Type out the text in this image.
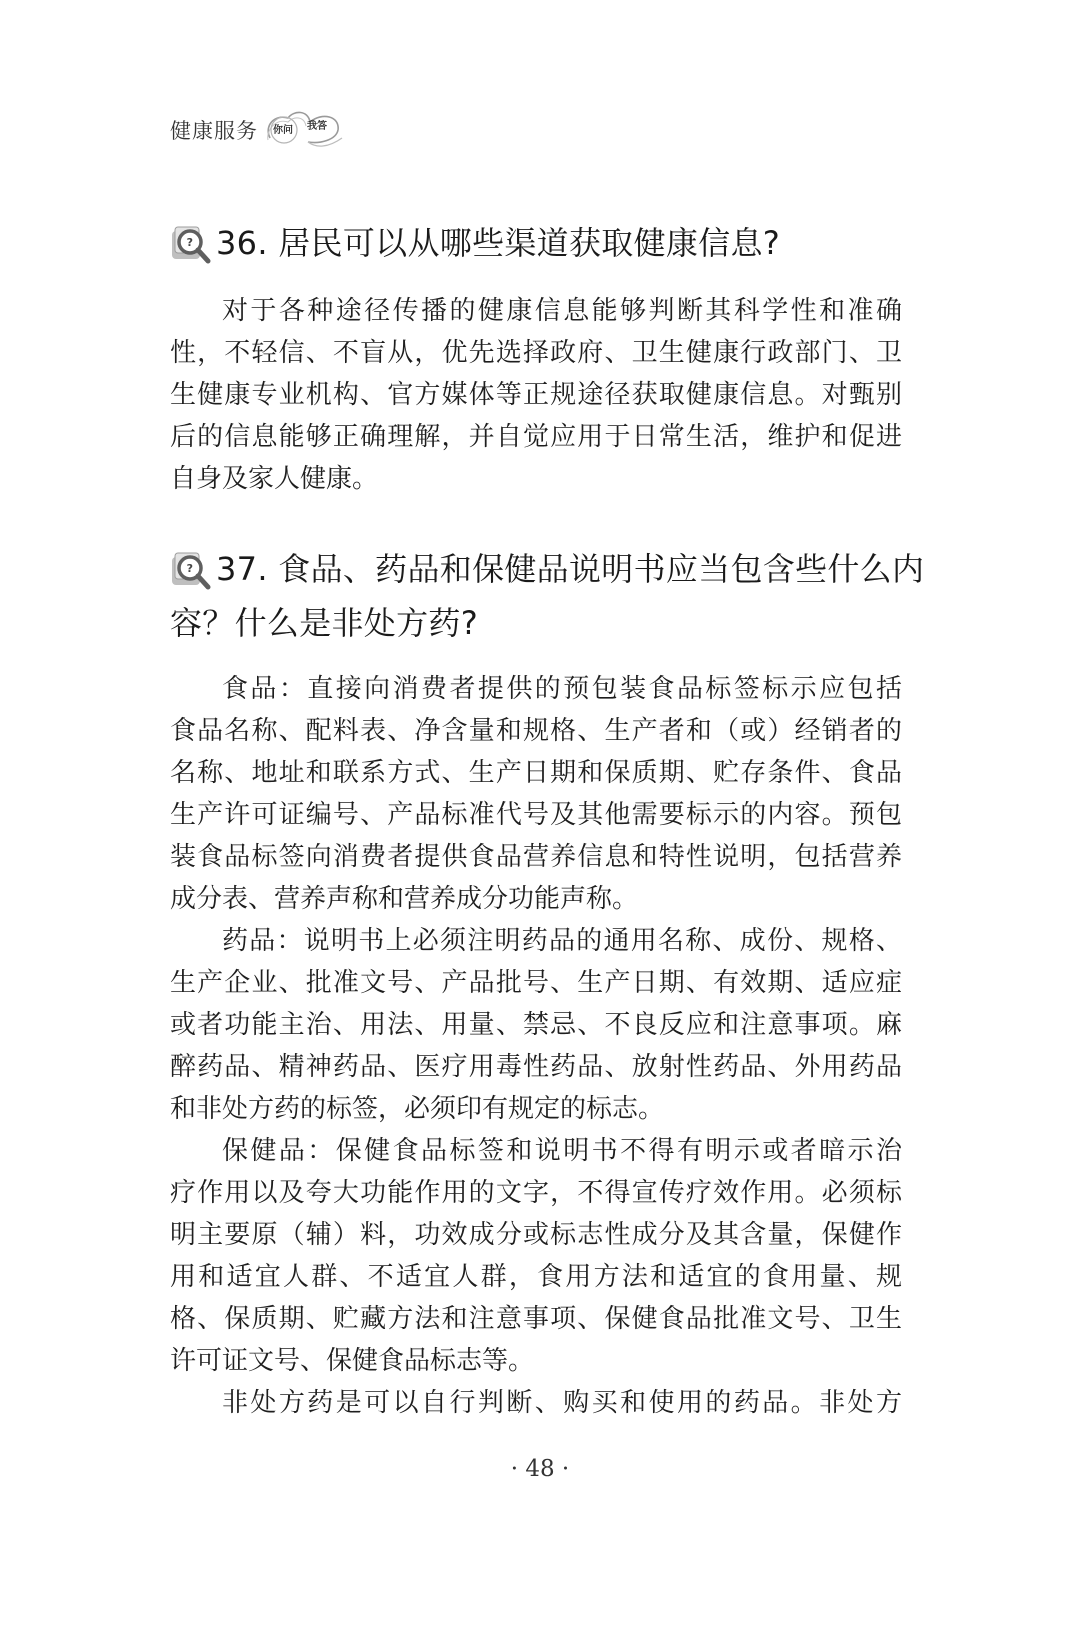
健康服务 你问 我答
? 36. 居民可以从哪些渠道获取健康信息?
对于各种途径传播的健康信息能够判断其科学性和准确
性，不轻信、不盲从，优先选择政府、卫生健康行政部门、卫
生健康专业机构、官方媒体等正规途径获取健康信息。对甄别
后的信息能够正确理解，并自觉应用于日常生活，维护和促进
自身及家人健康。
? 37. 食品、药品和保健品说明书应当包含些什么内
容？什么是非处方药?
食品：直接向消费者提供的预包装食品标签标示应包括
食品名称、配料表、净含量和规格、生产者和（或）经销者的
名称、地址和联系方式、生产日期和保质期、贮存条件、食品
生产许可证编号、产品标准代号及其他需要标示的内容。预包
装食品标签向消费者提供食品营养信息和特性说明，包括营养
成分表、营养声称和营养成分功能声称。
药品：说明书上必须注明药品的通用名称、成份、规格、
生产企业、批准文号、产品批号、生产日期、有效期、适应症
或者功能主治、用法、用量、禁忌、不良反应和注意事项。麻
醉药品、精神药品、医疗用毒性药品、放射性药品、外用药品
和非处方药的标签，必须印有规定的标志。
保健品：保健食品标签和说明书不得有明示或者暗示治
疗作用以及夸大功能作用的文字，不得宣传疗效作用。必须标
明主要原（辅）料，功效成分或标志性成分及其含量，保健作
用和适宜人群、不适宜人群，食用方法和适宜的食用量、规
格、保质期、贮藏方法和注意事项、保健食品批准文号、卫生
许可证文号、保健食品标志等。
非处方药是可以自行判断、购买和使用的药品。非处方
· 48 ·
